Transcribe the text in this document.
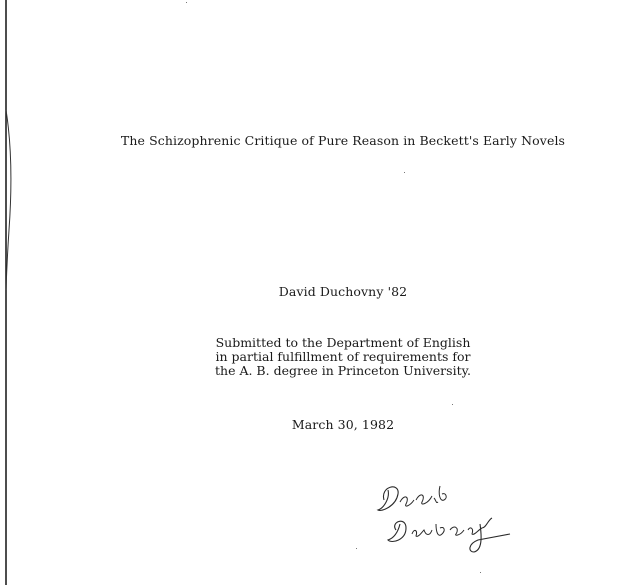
The Schizophrenic Critique of Pure Reason in Beckett's Early Novels
David Duchovny '82
Submitted to the Department of English
in partial fulfillment of requirements for
the A. B. degree in Princeton University.
March 30, 1982
